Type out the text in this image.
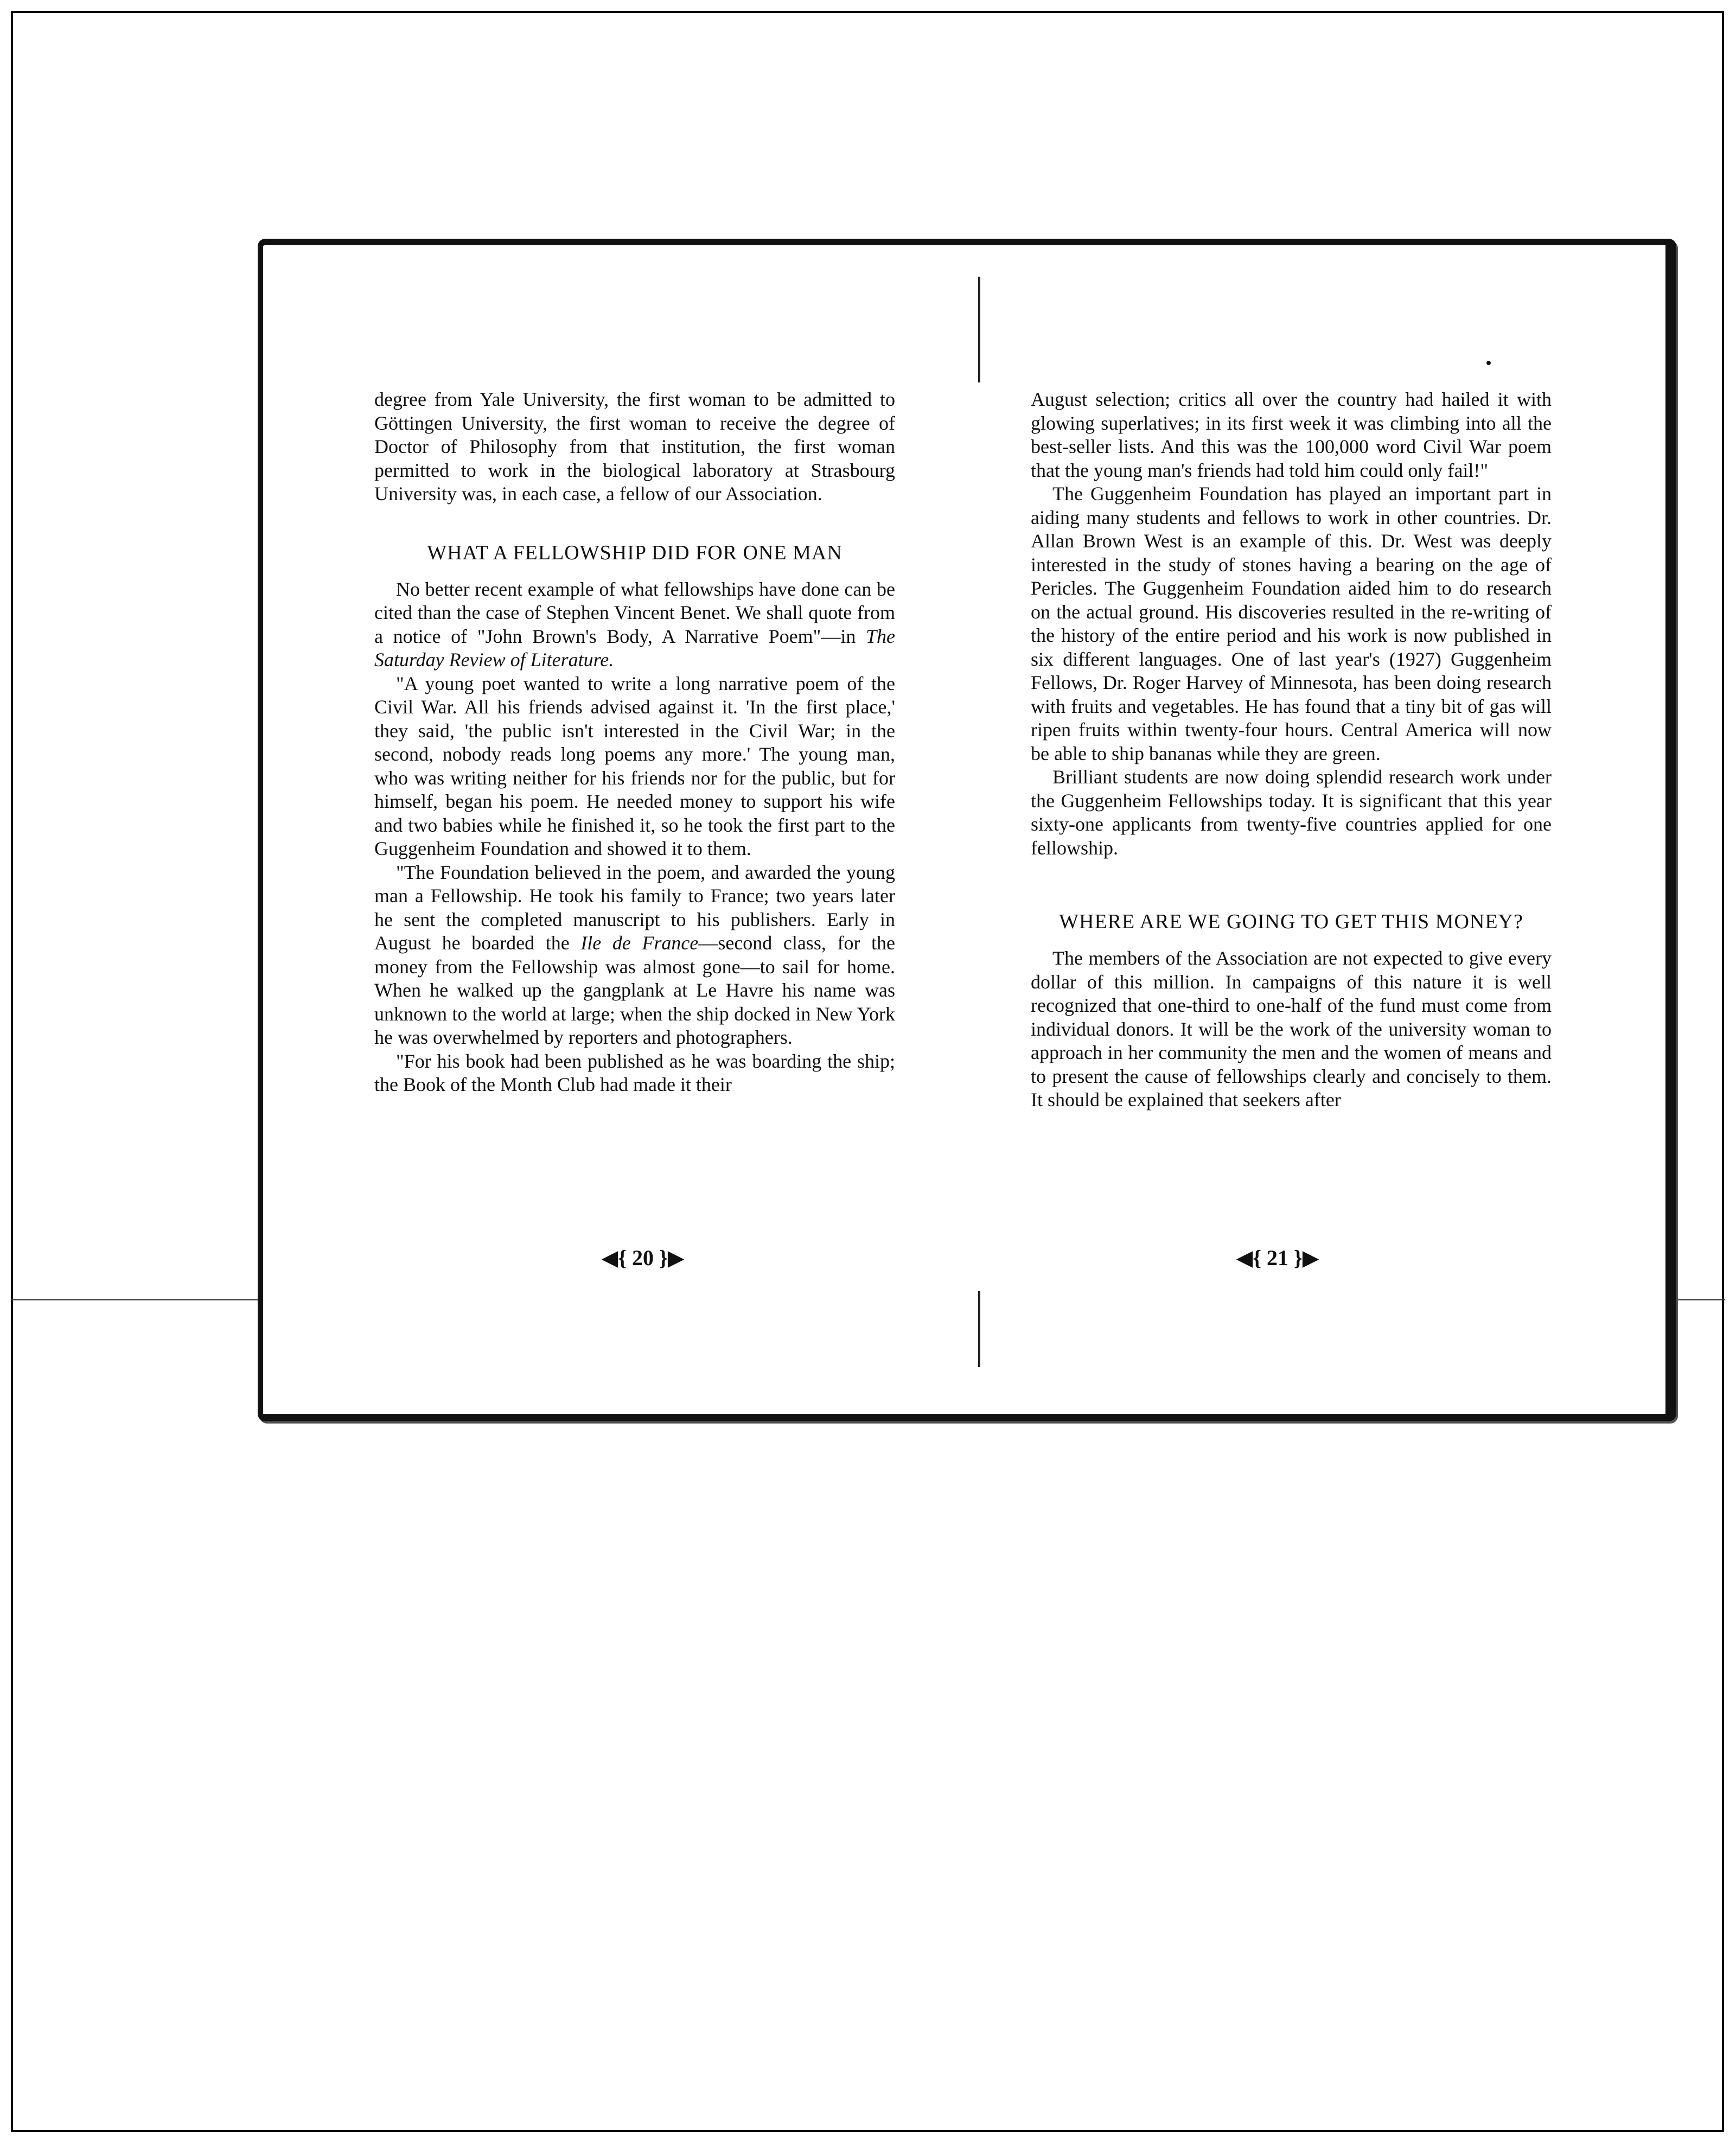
degree from Yale University, the first woman to be admitted to Göttingen University, the first woman to receive the degree of Doctor of Philosophy from that institution, the first woman permitted to work in the biological laboratory at Strasbourg University was, in each case, a fellow of our Association.

WHAT A FELLOWSHIP DID FOR ONE MAN

No better recent example of what fellowships have done can be cited than the case of Stephen Vincent Benet. We shall quote from a notice of "John Brown's Body, A Narrative Poem"—in The Saturday Review of Literature.

"A young poet wanted to write a long narrative poem of the Civil War. All his friends advised against it. 'In the first place,' they said, 'the public isn't interested in the Civil War; in the second, nobody reads long poems any more.' The young man, who was writing neither for his friends nor for the public, but for himself, began his poem. He needed money to support his wife and two babies while he finished it, so he took the first part to the Guggenheim Foundation and showed it to them.

"The Foundation believed in the poem, and awarded the young man a Fellowship. He took his family to France; two years later he sent the completed manuscript to his publishers. Early in August he boarded the Ile de France—second class, for the money from the Fellowship was almost gone—to sail for home. When he walked up the gangplank at Le Havre his name was unknown to the world at large; when the ship docked in New York he was overwhelmed by reporters and photographers.

"For his book had been published as he was boarding the ship; the Book of the Month Club had made it their

August selection; critics all over the country had hailed it with glowing superlatives; in its first week it was climbing into all the best-seller lists. And this was the 100,000 word Civil War poem that the young man's friends had told him could only fail!"

The Guggenheim Foundation has played an important part in aiding many students and fellows to work in other countries. Dr. Allan Brown West is an example of this. Dr. West was deeply interested in the study of stones having a bearing on the age of Pericles. The Guggenheim Foundation aided him to do research on the actual ground. His discoveries resulted in the re-writing of the history of the entire period and his work is now published in six different languages. One of last year's (1927) Guggenheim Fellows, Dr. Roger Harvey of Minnesota, has been doing research with fruits and vegetables. He has found that a tiny bit of gas will ripen fruits within twenty-four hours. Central America will now be able to ship bananas while they are green.

Brilliant students are now doing splendid research work under the Guggenheim Fellowships today. It is significant that this year sixty-one applicants from twenty-five countries applied for one fellowship.

WHERE ARE WE GOING TO GET THIS MONEY?

The members of the Association are not expected to give every dollar of this million. In campaigns of this nature it is well recognized that one-third to one-half of the fund must come from individual donors. It will be the work of the university woman to approach in her community the men and the women of means and to present the cause of fellowships clearly and concisely to them. It should be explained that seekers after

◀{ 20 }▶	◀{ 21 }▶
